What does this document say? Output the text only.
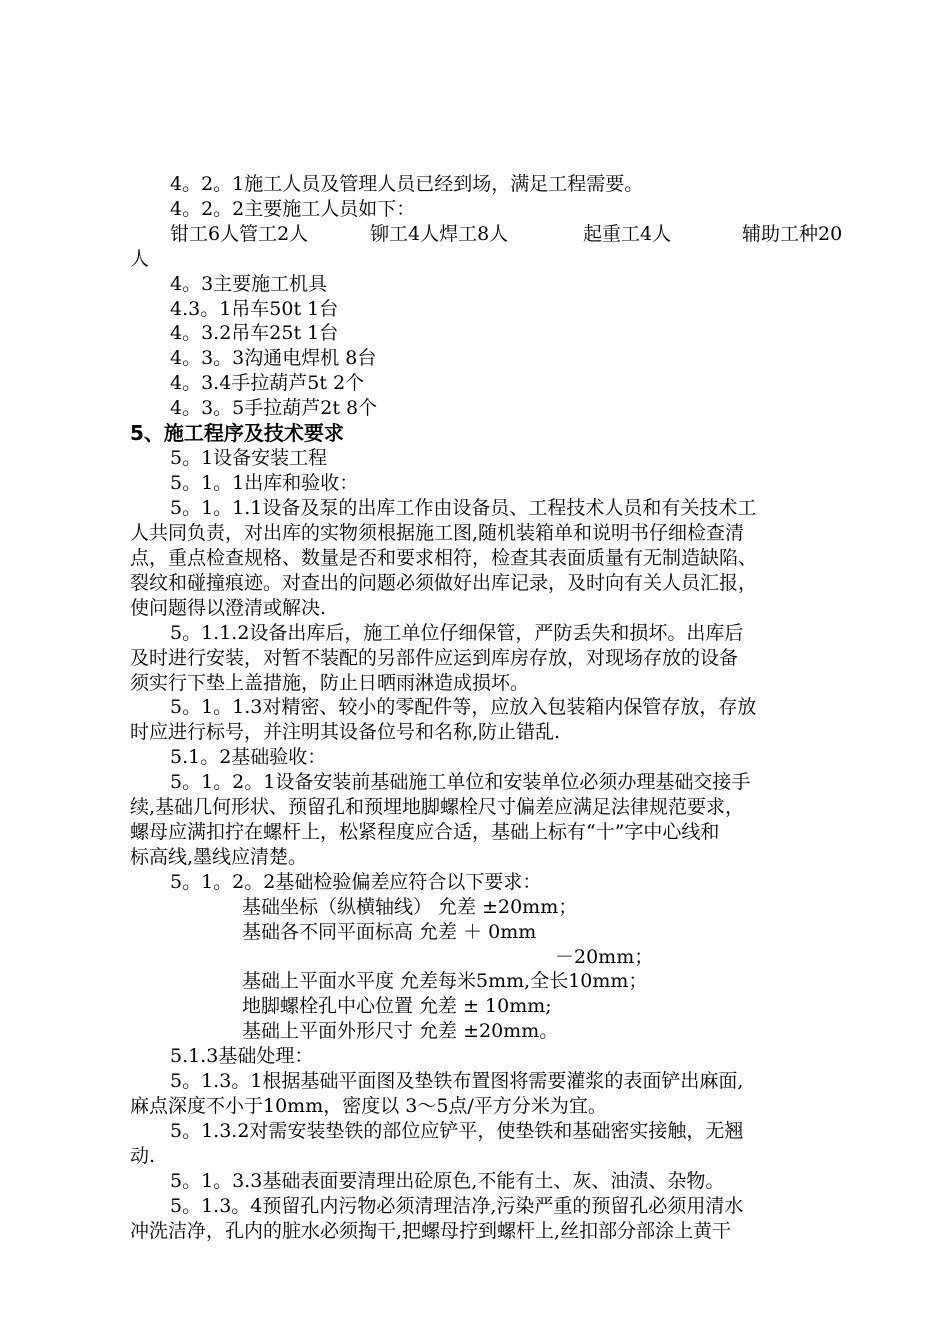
4。2。1施工人员及管理人员已经到场，满足工程需要。
4。2。2主要施工人员如下：
钳工6人管工2人	铆工4人焊工8人	起重工4人	辅助工种20
人
4。3主要施工机具
4.3。1吊车50t 1台
4。3.2吊车25t 1台
4。3。3沟通电焊机 8台
4。3.4手拉葫芦5t 2个
4。3。5手拉葫芦2t 8个
5、施工程序及技术要求
5。1设备安装工程
5。1。1出库和验收：
5。1。1.1设备及泵的出库工作由设备员、工程技术人员和有关技术工
人共同负责，对出库的实物须根据施工图,随机装箱单和说明书仔细检查清
点，重点检查规格、数量是否和要求相符，检查其表面质量有无制造缺陷、
裂纹和碰撞痕迹。对查出的问题必须做好出库记录，及时向有关人员汇报，
使问题得以澄清或解决.
5。1.1.2设备出库后，施工单位仔细保管，严防丢失和损坏。出库后
及时进行安装，对暂不装配的另部件应运到库房存放，对现场存放的设备
须实行下垫上盖措施，防止日晒雨淋造成损坏。
5。1。1.3对精密、较小的零配件等，应放入包装箱内保管存放，存放
时应进行标号，并注明其设备位号和名称,防止错乱.
5.1。2基础验收：
5。1。2。1设备安装前基础施工单位和安装单位必须办理基础交接手
续,基础几何形状、预留孔和预埋地脚螺栓尺寸偏差应满足法律规范要求，
螺母应满扣拧在螺杆上，松紧程度应合适，基础上标有“十”字中心线和
标高线,墨线应清楚。
5。1。2。2基础检验偏差应符合以下要求：
基础坐标（纵横轴线） 允差 ±20mm；
基础各不同平面标高 允差 ＋ 0mm
－20mm；
基础上平面水平度 允差每米5mm,全长10mm；
地脚螺栓孔中心位置 允差 ± 10mm;
基础上平面外形尺寸 允差 ±20mm。
5.1.3基础处理：
5。1.3。1根据基础平面图及垫铁布置图将需要灌浆的表面铲出麻面,
麻点深度不小于10mm，密度以 3～5点/平方分米为宜。
5。1.3.2对需安装垫铁的部位应铲平，使垫铁和基础密实接触，无翘
动.
5。1。3.3基础表面要清理出砼原色,不能有土、灰、油渍、杂物。
5。1.3。4预留孔内污物必须清理洁净,污染严重的预留孔必须用清水
冲洗洁净，孔内的脏水必须掏干,把螺母拧到螺杆上,丝扣部分部涂上黄干
